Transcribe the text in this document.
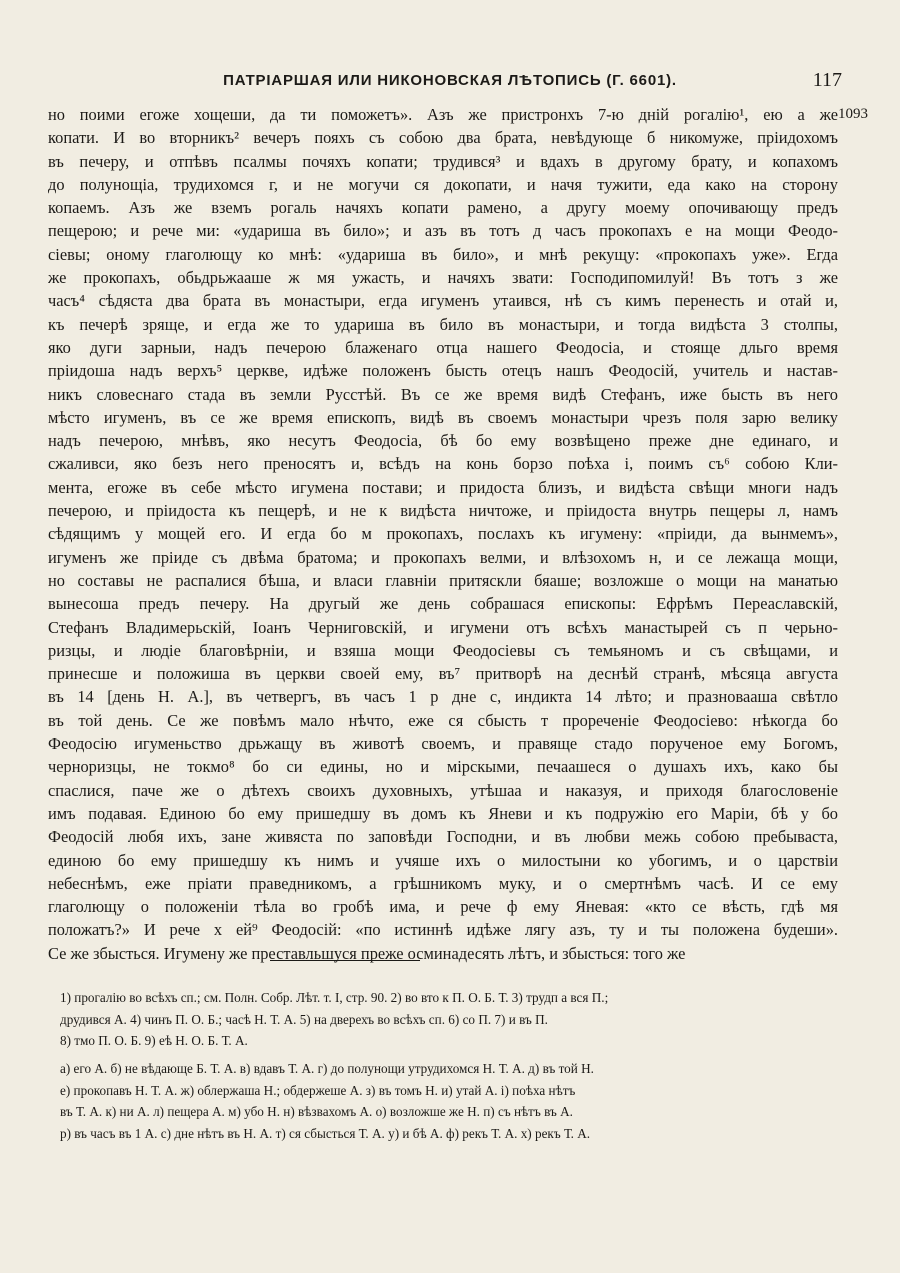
ПАТРIАРШАЯ ИЛИ НИКОНОВСКАЯ ЛѢТОПИСЬ (Г. 6601).	117
1093
но поими егоже хощеши, да ти поможетъ». Азъ же пристронхъ 7-ю днiй рогалiю¹, ею а же
копати. И во вторникъ² вечеръ пояхъ съ собою два брата, невѣдующе б никомуже, прiидохомъ
въ печеру, и отпѣвъ псалмы почяхъ копати; трудився³ и вдахъ в другому брату, и копахомъ
до полунощiа, трудихомся г, и не могучи ся докопати, и начя тужити, еда како на сторону
копаемъ. Азъ же вземъ рогаль начяхъ копати рамено, а другу моему опочивающу предъ
пещерою; и рече ми: «удариша въ било»; и азъ въ тотъ д часъ прокопахъ е на мощи Феодо-
сiевы; оному глаголющу ко мнѣ: «удариша въ било», и мнѣ рекущу: «прокопахъ уже». Егда
же прокопахъ, обьдрьжааше ж мя ужасть, и начяхъ звати: Господипомилуй! Въ тотъ з же
часъ⁴ сѣдяста два брата въ монастыри, егда игуменъ утаився, нѣ съ кимъ перенесть и отай и,
къ печерѣ зряще, и егда же то удариша въ било въ монастыри, и тогда видѣста 3 столпы,
яко дуги зарныи, надъ печерою блаженаго отца нашего Феодосiа, и стояще дльго время
прiидоша надъ верхъ⁵ церкве, идѣже положенъ бысть отецъ нашъ Феодосiй, учитель и настав-
никъ словеснаго стада въ земли Русстѣй. Въ се же время видѣ Стефанъ, иже бысть въ него
мѣсто игуменъ, въ се же время епископъ, видѣ въ своемъ монастыри чрезъ поля зарю велику
надъ печерою, мнѣвъ, яко несутъ Феодосiа, бѣ бо ему возвѣщено преже дне единаго, и
сжаливси, яко безъ него преносятъ и, всѣдъ на конь борзо поѣха i, поимъ съ⁶ собою Кли-
мента, егоже въ себе мѣсто игумена постави; и придоста близъ, и видѣста свѣщи многи надъ
печерою, и прiидоста къ пещерѣ, и не к видѣста ничтоже, и прiидоста внутрь пещеры л, намъ
сѣдящимъ у мощей его. И егда бо м прокопахъ, послахъ къ игумену: «прiиди, да вынмемъ»,
игуменъ же прiиде съ двѣма братома; и прокопахъ велми, и влѣзохомъ н, и се лежаща мощи,
но составы не распалися бѣша, и власи главнiи притяскли бяаше; возложше о мощи на манатью
вынесоша предъ печеру. На другый же день собрашася епископы: Ефрѣмъ Переаславскiй,
Стефанъ Владимерьскiй, Iоанъ Черниговскiй, и игумени отъ всѣхъ манастырей съ п черьно-
ризцы, и людiе благовѣрнiи, и взяша мощи Феодосiевы съ темьяномъ и съ свѣщами, и
принесше и положиша въ церкви своей ему, въ⁷ притворѣ на деснѣй странѣ, мѣсяца августа
въ 14 [день Н. А.], въ четвергъ, въ часъ 1 р дне с, индикта 14 лѣто; и празновааша свѣтло
въ той день. Се же повѣмъ мало нѣчто, еже ся сбысть т прореченiе Феодосiево: нѣкогда бо
Феодосiю игуменьство дрьжащу въ животѣ своемъ, и правяще стадо порученое ему Богомъ,
черноризцы, не токмо⁸ бо си едины, но и мiрскыми, печаашеся о душахъ ихъ, како бы
спаслися, паче же о дѣтехъ своихъ духовныхъ, утѣшаа и наказуя, и приходя благословенiе
имъ подавая. Единою бо ему пришедшу въ домъ къ Яневи и къ подружiю его Марiи, бѣ у бо
Феодосiй любя ихъ, зане живяста по заповѣди Господни, и въ любви межь собою пребываста,
единою бо ему пришедшу къ нимъ и учяше ихъ о милостыни ко убогимъ, и о царствiи
небеснѣмъ, еже прiати праведникомъ, а грѣшникомъ муку, и о смертнѣмъ часѣ. И се ему
глаголющу о положенiи тѣла во гробѣ има, и рече ф ему Яневая: «кто се вѣсть, гдѣ мя
положатъ?» И речe х ей⁹ Феодосiй: «по истиннѣ идѣже лягу азъ, ту и ты положена будеши».
Се же збысться. Игумену же преставльшуся преже осминадесять лѣтъ, и збысться: того же
1) прогалiю во всѣхъ сп.; см. Полн. Собр. Лѣт. т. I, стр. 90. 2) во вто к П. О. Б. Т. 3) трудп а вся П.;
друдився А. 4) чинъ П. О. Б.; часѣ Н. Т. А. 5) на дверехъ во всѣхъ сп. 6) со П. 7) и въ П.
8) тмо П. О. Б. 9) еѣ Н. О. Б. Т. А.
а) его А. б) не вѣдающе Б. Т. А. в) вдавъ Т. А. г) до полунощи утрудихомся Н. Т. А. д) въ той Н.
е) прокопавъ Н. Т. А. ж) облержаша Н.; обдержеше А. з) въ томъ Н. и) утай А. i) поѣха нѣтъ
въ Т. А. к) ни А. л) пещера А. м) убо Н. н) вѣзвахомъ А. о) возложше же Н. п) съ нѣтъ въ А.
р) въ часъ въ 1 А. с) дне нѣтъ въ Н. А. т) ся сбысться Т. А. у) и бѣ А. ф) рекъ Т. А. х) рекъ Т. А.
